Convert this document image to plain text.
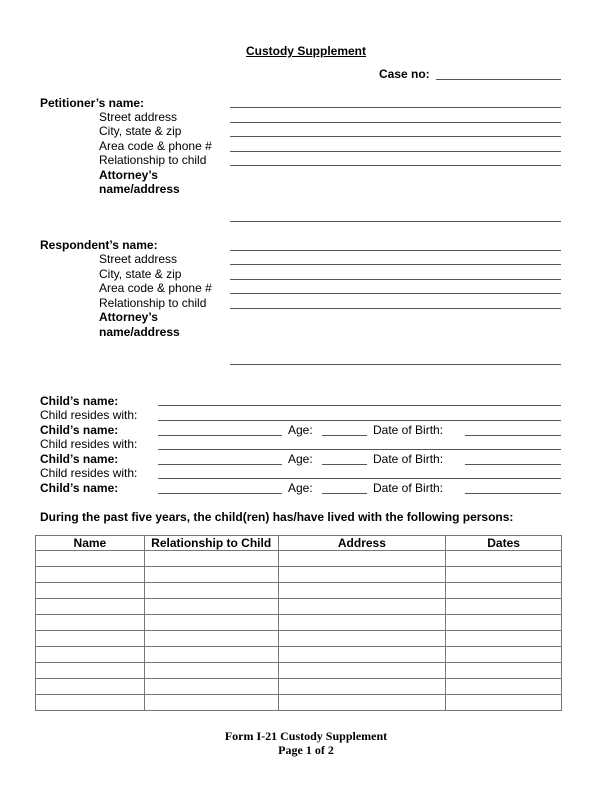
Custody Supplement
Case no:
Petitioner’s name:
Street address
City, state & zip
Area code & phone #
Relationship to child
Attorney’s
name/address
Respondent’s name:
Street address
City, state & zip
Area code & phone #
Relationship to child
Attorney’s
name/address
Child’s name:
Child resides with:
Child’s name:	Age:	Date of Birth:
Child resides with:
Child’s name:	Age:	Date of Birth:
Child resides with:
Child’s name:	Age:	Date of Birth:
During the past five years, the child(ren) has/have lived with the following persons:
Name	Relationship to Child	Address	Dates

Form I-21 Custody Supplement
Page 1 of 2
